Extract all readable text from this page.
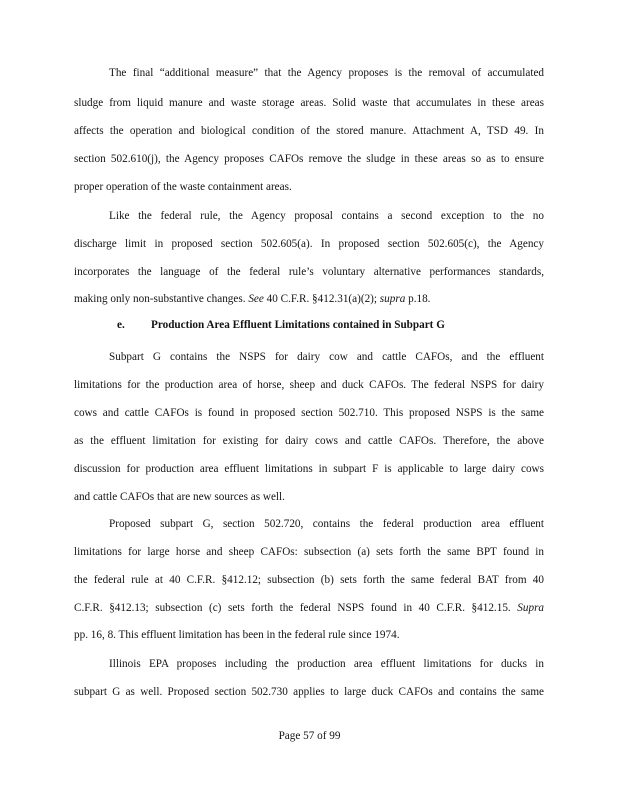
The final “additional measure” that the Agency proposes is the removal of accumulated
sludge from liquid manure and waste storage areas. Solid waste that accumulates in these areas
affects the operation and biological condition of the stored manure. Attachment A, TSD 49. In
section 502.610(j), the Agency proposes CAFOs remove the sludge in these areas so as to ensure
proper operation of the waste containment areas.
Like the federal rule, the Agency proposal contains a second exception to the no
discharge limit in proposed section 502.605(a). In proposed section 502.605(c), the Agency
incorporates the language of the federal rule’s voluntary alternative performances standards,
making only non-substantive changes. See 40 C.F.R. §412.31(a)(2); supra p.18.
e. Production Area Effluent Limitations contained in Subpart G
Subpart G contains the NSPS for dairy cow and cattle CAFOs, and the effluent
limitations for the production area of horse, sheep and duck CAFOs. The federal NSPS for dairy
cows and cattle CAFOs is found in proposed section 502.710. This proposed NSPS is the same
as the effluent limitation for existing for dairy cows and cattle CAFOs. Therefore, the above
discussion for production area effluent limitations in subpart F is applicable to large dairy cows
and cattle CAFOs that are new sources as well.
Proposed subpart G, section 502.720, contains the federal production area effluent
limitations for large horse and sheep CAFOs: subsection (a) sets forth the same BPT found in
the federal rule at 40 C.F.R. §412.12; subsection (b) sets forth the same federal BAT from 40
C.F.R. §412.13; subsection (c) sets forth the federal NSPS found in 40 C.F.R. §412.15. Supra
pp. 16, 8. This effluent limitation has been in the federal rule since 1974.
Illinois EPA proposes including the production area effluent limitations for ducks in
subpart G as well. Proposed section 502.730 applies to large duck CAFOs and contains the same
Page 57 of 99
